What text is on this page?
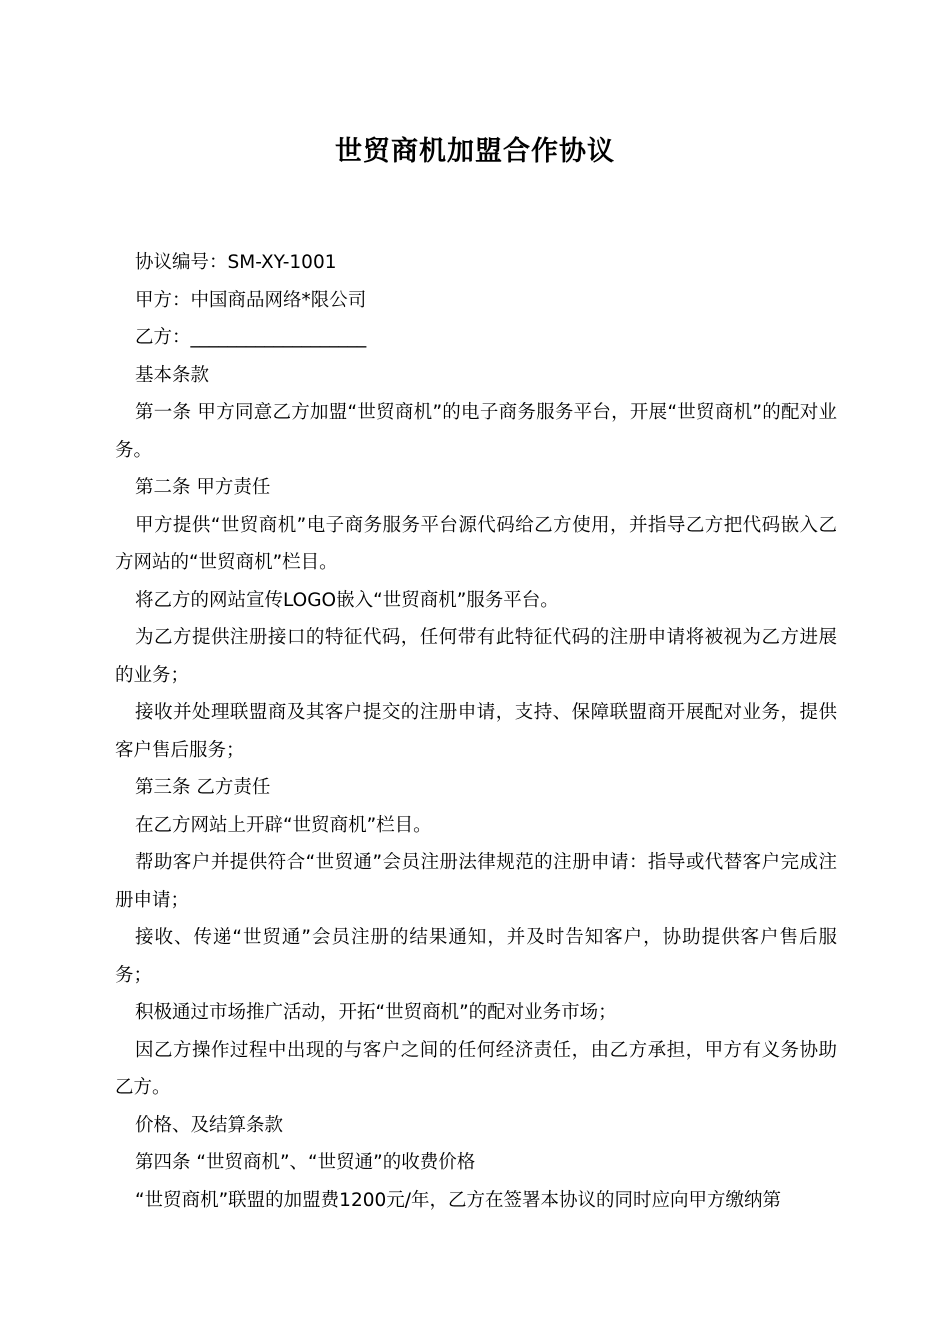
世贸商机加盟合作协议

协议编号：SM-XY-1001

甲方：中国商品网络*限公司

乙方：___________________

基本条款

第一条 甲方同意乙方加盟“世贸商机”的电子商务服务平台，开展“世贸商机”的配对业务。

第二条 甲方责任

甲方提供“世贸商机”电子商务服务平台源代码给乙方使用，并指导乙方把代码嵌入乙方网站的“世贸商机”栏目。

将乙方的网站宣传LOGO嵌入“世贸商机”服务平台。

为乙方提供注册接口的特征代码，任何带有此特征代码的注册申请将被视为乙方进展的业务；

接收并处理联盟商及其客户提交的注册申请，支持、保障联盟商开展配对业务，提供客户售后服务；

第三条 乙方责任

在乙方网站上开辟“世贸商机”栏目。

帮助客户并提供符合“世贸通”会员注册法律规范的注册申请：指导或代替客户完成注册申请；

接收、传递“世贸通”会员注册的结果通知，并及时告知客户，协助提供客户售后服务；

积极通过市场推广活动，开拓“世贸商机”的配对业务市场；

因乙方操作过程中出现的与客户之间的任何经济责任，由乙方承担，甲方有义务协助乙方。

价格、及结算条款

第四条 “世贸商机”、“世贸通”的收费价格

“世贸商机”联盟的加盟费1200元/年，乙方在签署本协议的同时应向甲方缴纳第
